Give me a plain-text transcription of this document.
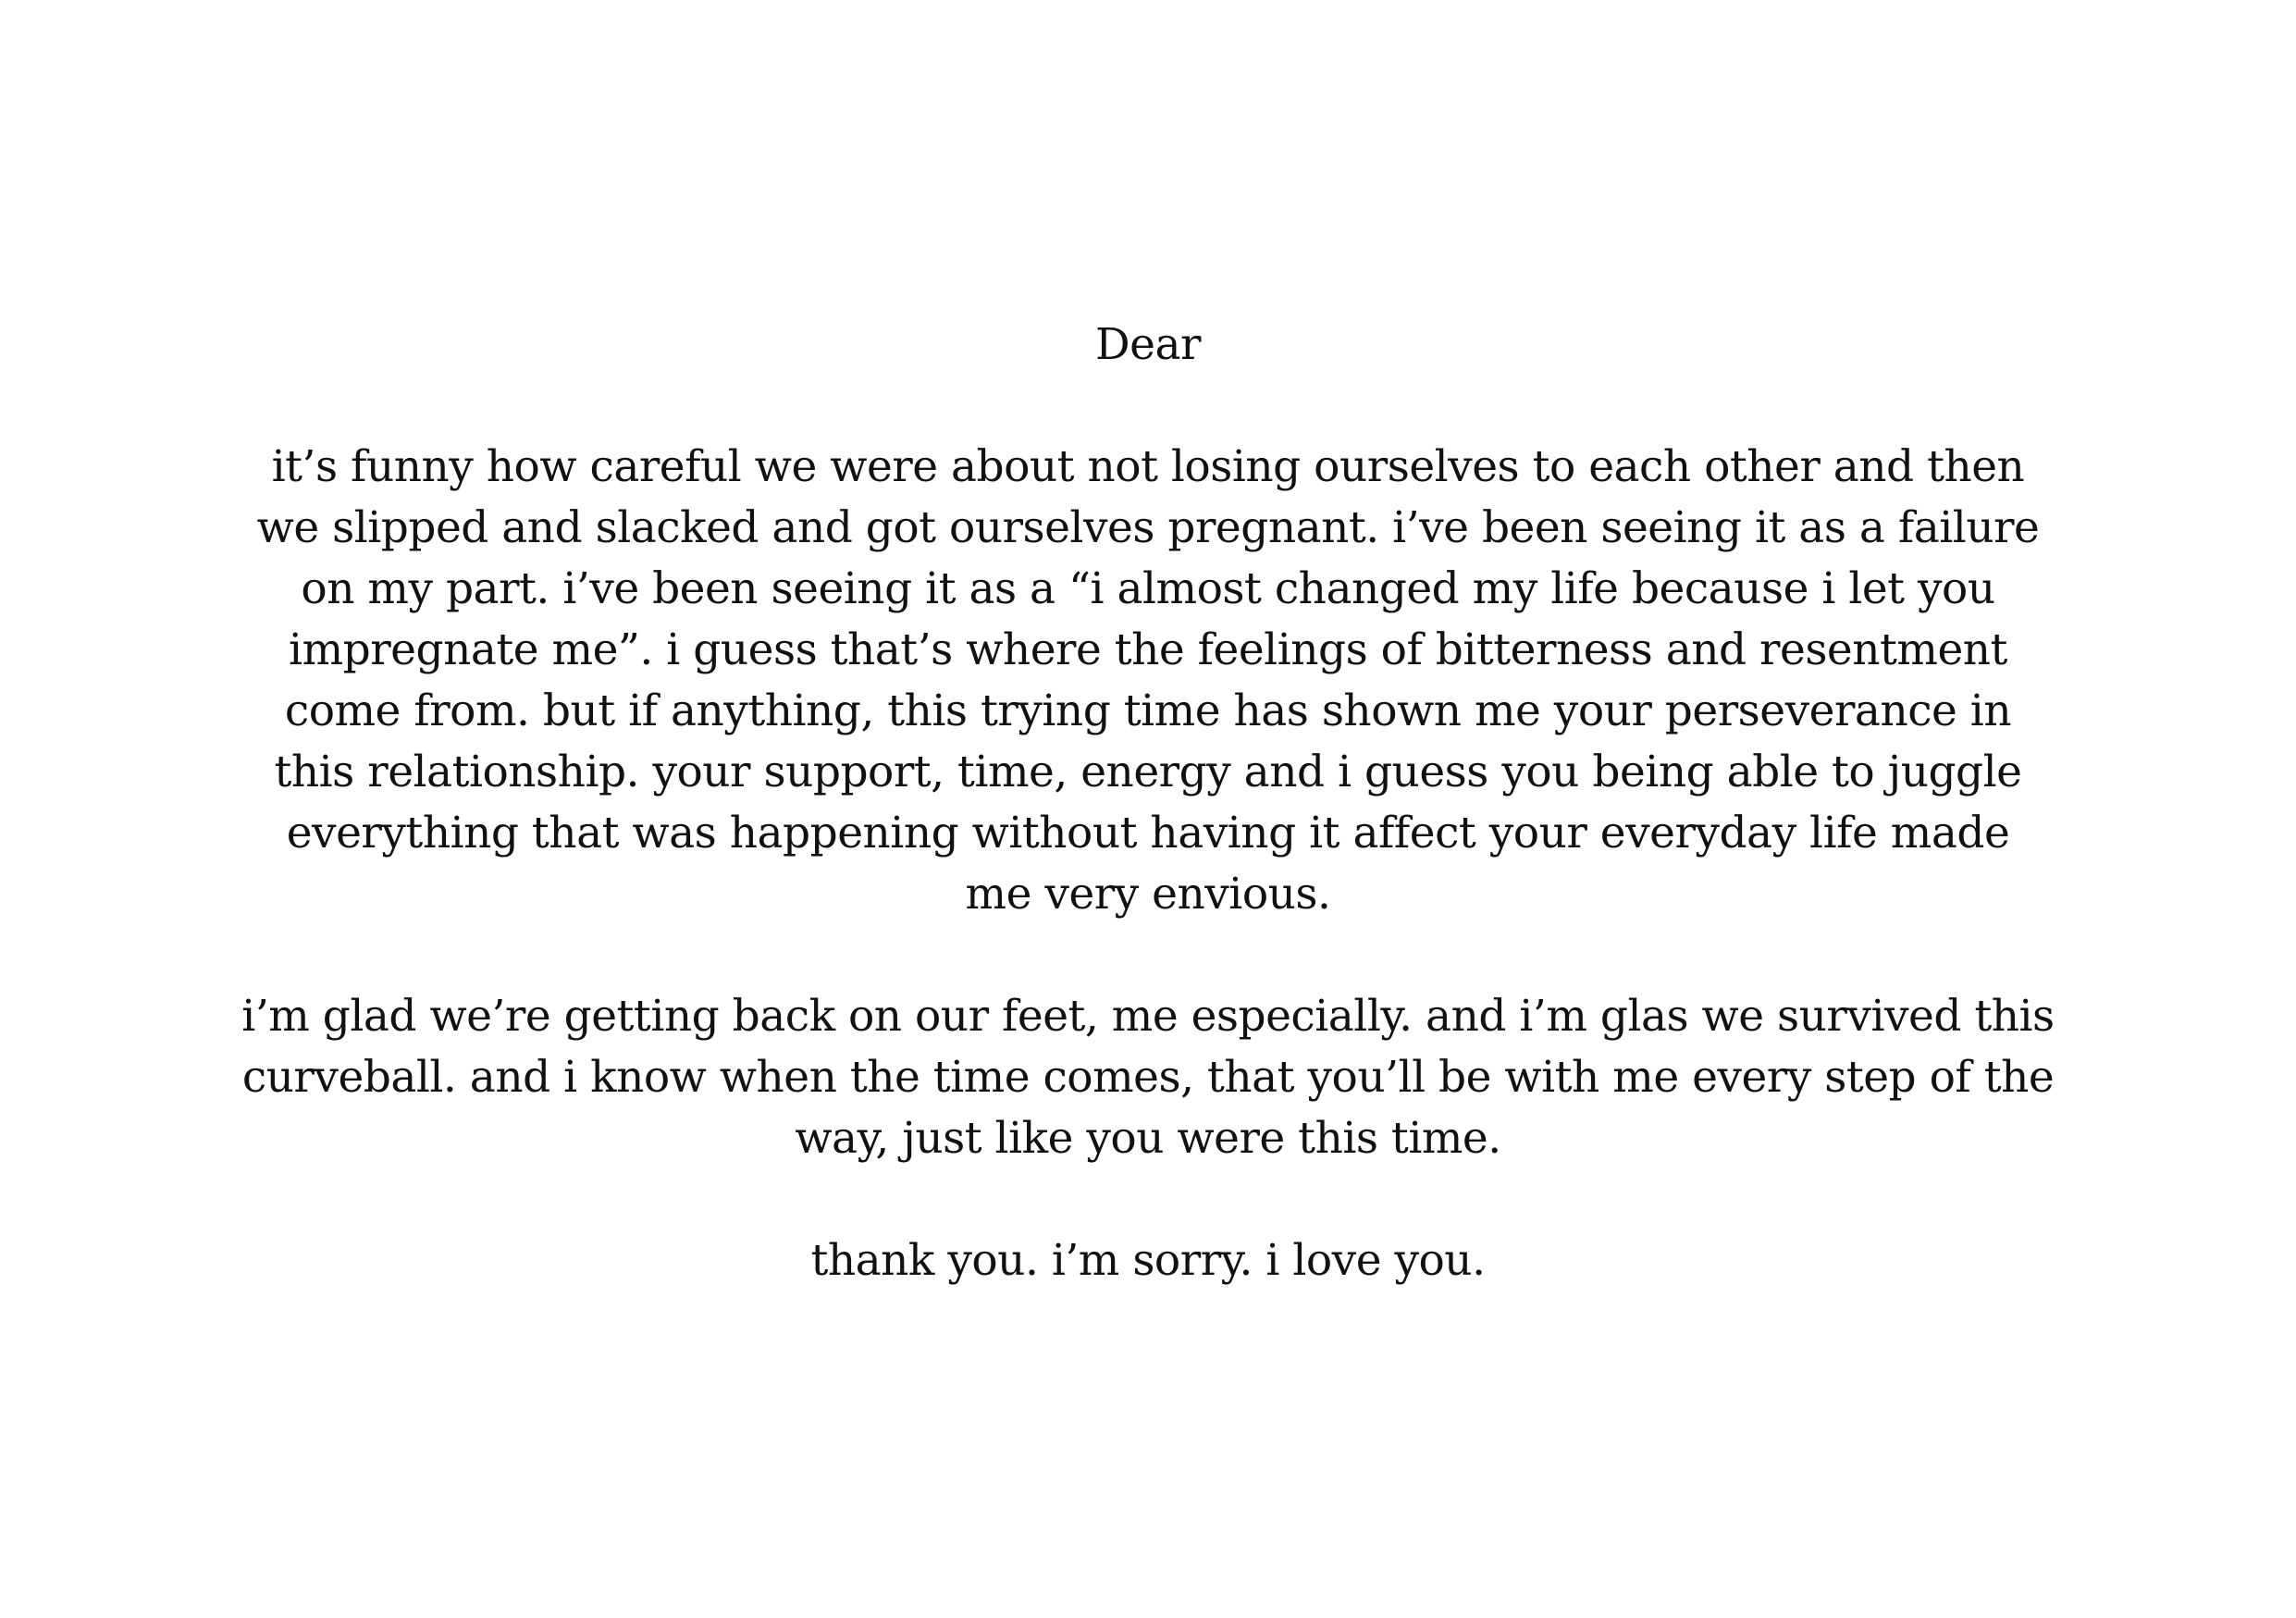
Dear
it’s funny how careful we were about not losing ourselves to each other and then
we slipped and slacked and got ourselves pregnant. i’ve been seeing it as a failure
on my part. i’ve been seeing it as a “i almost changed my life because i let you
impregnate me”. i guess that’s where the feelings of bitterness and resentment
come from. but if anything, this trying time has shown me your perseverance in
this relationship. your support, time, energy and i guess you being able to juggle
everything that was happening without having it affect your everyday life made
me very envious.
i’m glad we’re getting back on our feet, me especially. and i’m glas we survived this
curveball. and i know when the time comes, that you’ll be with me every step of the
way, just like you were this time.
thank you. i’m sorry. i love you.
